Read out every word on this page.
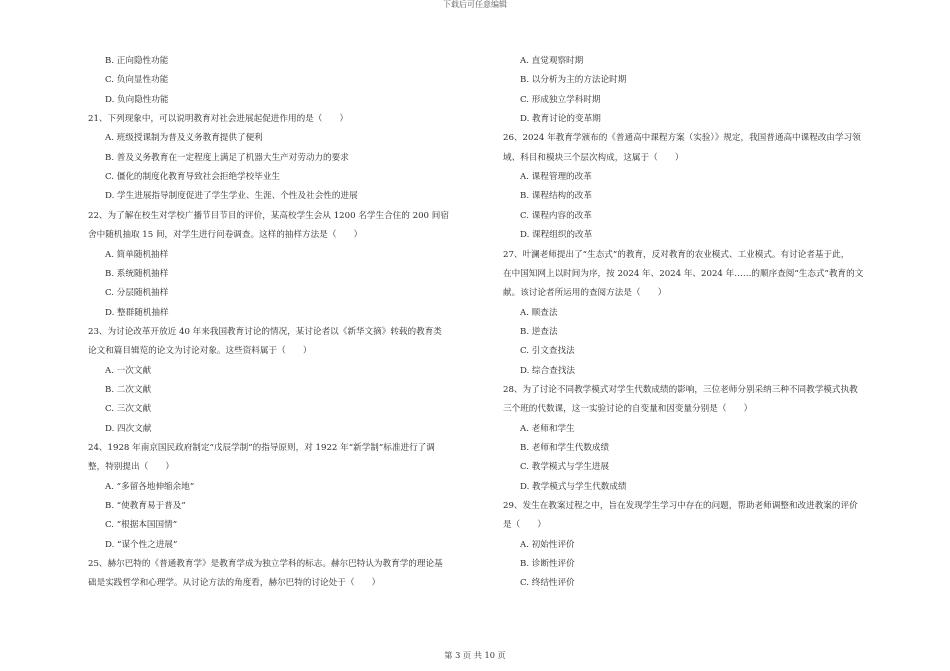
下载后可任意编辑
B. 正向隐性功能
C. 负向显性功能
D. 负向隐性功能
21、下列现象中，可以说明教育对社会进展起促进作用的是（　　）
A. 班级授课制为普及义务教育提供了便利
B. 普及义务教育在一定程度上满足了机器大生产对劳动力的要求
C. 僵化的制度化教育导致社会拒绝学校毕业生
D. 学生进展指导制度促进了学生学业、生涯、个性及社会性的进展
22、为了解在校生对学校广播节目节目的评价，某高校学生会从 1200 名学生合住的 200 间宿
舍中随机抽取 15 间，对学生进行问卷调查。这样的抽样方法是（　　）
A. 简单随机抽样
B. 系统随机抽样
C. 分层随机抽样
D. 整群随机抽样
23、为讨论改革开放近 40 年来我国教育讨论的情况，某讨论者以《新华文摘》转载的教育类
论文和篇目辑览的论文为讨论对象。这些资料属于（　　）
A. 一次文献
B. 二次文献
C. 三次文献
D. 四次文献
24、1928 年南京国民政府制定“戊辰学制”的指导原则，对 1922 年“新学制”标准进行了调
整，特别提出（　　）
A. “多留各地伸缩余地”
B. “使教育易于普及”
C. “根据本国国情”
D. “谋个性之进展”
25、赫尔巴特的《普通教育学》是教育学成为独立学科的标志。赫尔巴特认为教育学的理论基
础是实践哲学和心理学。从讨论方法的角度看，赫尔巴特的讨论处于（　　）
A. 直觉观察时期
B. 以分析为主的方法论时期
C. 形成独立学科时期
D. 教育讨论的变革期
26、2024 年教育学颁布的《普通高中课程方案（实验）》规定，我国普通高中课程改由学习领
域、科目和模块三个层次构成，这属于（　　）
A. 课程管理的改革
B. 课程结构的改革
C. 课程内容的改革
D. 课程组织的改革
27、叶澜老师提出了“生态式”的教育，反对教育的农业模式、工业模式。有讨论者基于此，
在中国知网上以时间为序，按 2024 年、2024 年、2024 年……的顺序查阅“生态式”教育的文
献。该讨论者所运用的查阅方法是（　　）
A. 顺查法
B. 逆查法
C. 引文查找法
D. 综合查找法
28、为了讨论不同教学模式对学生代数成绩的影响，三位老师分别采纳三种不同教学模式执教
三个班的代数课，这一实验讨论的自变量和因变量分别是（　　）
A. 老师和学生
B. 老师和学生代数成绩
C. 教学模式与学生进展
D. 教学模式与学生代数成绩
29、发生在教案过程之中，旨在发现学生学习中存在的问题，帮助老师调整和改进教案的评价
是（　　）
A. 初始性评价
B. 诊断性评价
C. 终结性评价
第 3 页 共 10 页
